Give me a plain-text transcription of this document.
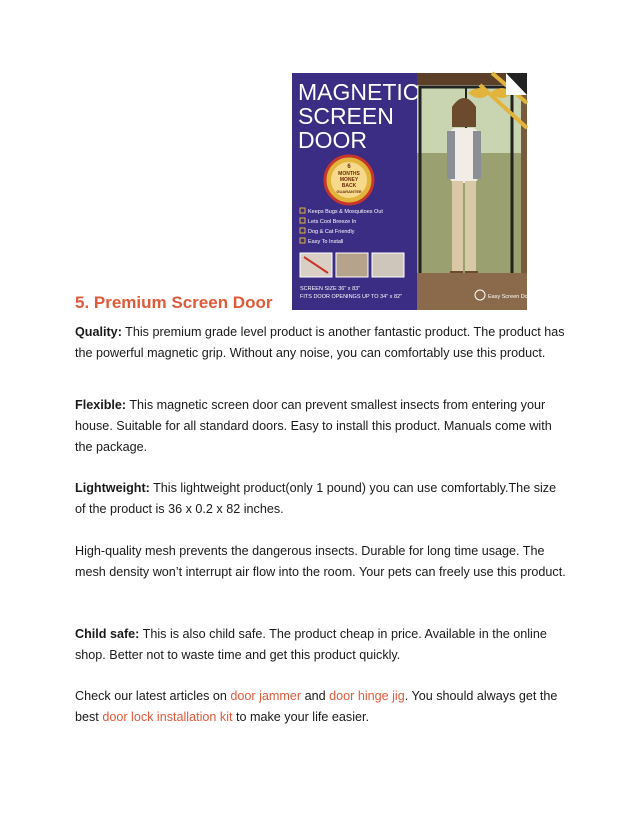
MAGNETIC
SCREEN
DOOR
6
MONTHS
MONEY
BACK
GUARANTEE
Keeps Bugs & Mosquitoes Out
Lets Cool Breeze In
Dog & Cat Friendly
Easy To Install
SCREEN SIZE 36" x 83"
FITS DOOR OPENINGS UP TO 34" x 82"	Easy Screen Doors
5. Premium Screen Door

Quality: This premium grade level product is another fantastic product. The product has the powerful magnetic grip. Without any noise, you can comfortably use this product.

Flexible: This magnetic screen door can prevent smallest insects from entering your house. Suitable for all standard doors. Easy to install this product. Manuals come with the package.

Lightweight: This lightweight product(only 1 pound) you can use comfortably.The size of the product is 36 x 0.2 x 82 inches.

High-quality mesh prevents the dangerous insects. Durable for long time usage. The mesh density won’t interrupt air flow into the room. Your pets can freely use this product.

Child safe: This is also child safe. The product cheap in price. Available in the online shop. Better not to waste time and get this product quickly.

Check our latest articles on door jammer and door hinge jig. You should always get the best door lock installation kit to make your life easier.
